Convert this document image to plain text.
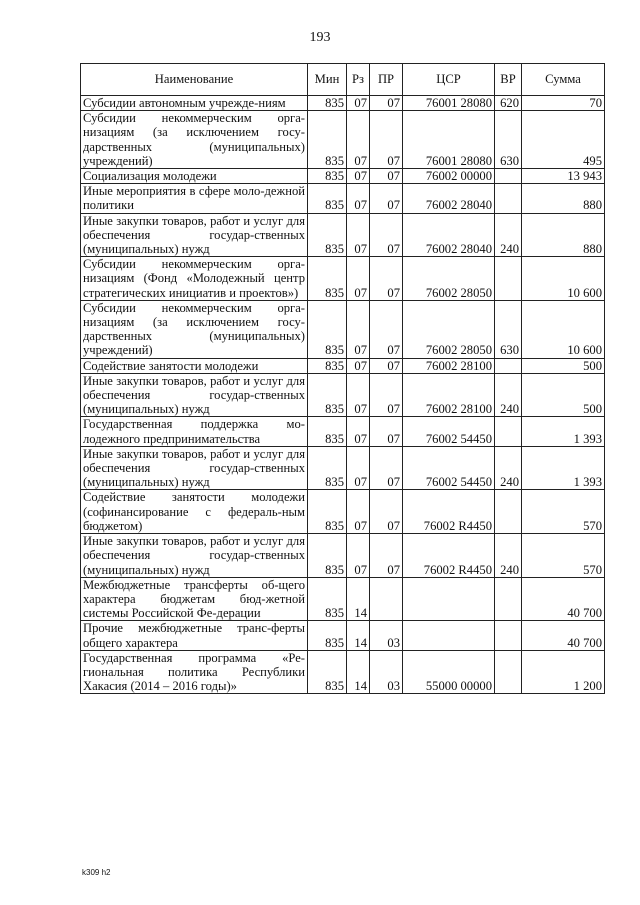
193
Наименование	Мин	Рз	ПР	ЦСР	ВР	Сумма
Субсидии автономным учрежде-ниям	835	07	07	76001 28080	620	70
Субсидии некоммерческим орга-низациям (за исключением госу-дарственных (муниципальных) учреждений)	835	07	07	76001 28080	630	495
Социализация молодежи	835	07	07	76002 00000		13 943
Иные мероприятия в сфере моло-дежной политики	835	07	07	76002 28040		880
Иные закупки товаров, работ и услуг для обеспечения государ-ственных (муниципальных) нужд	835	07	07	76002 28040	240	880
Субсидии некоммерческим орга-низациям (Фонд «Молодежный центр стратегических инициатив и проектов»)	835	07	07	76002 28050		10 600
Субсидии некоммерческим орга-низациям (за исключением госу-дарственных (муниципальных) учреждений)	835	07	07	76002 28050	630	10 600
Содействие занятости молодежи	835	07	07	76002 28100		500
Иные закупки товаров, работ и услуг для обеспечения государ-ственных (муниципальных) нужд	835	07	07	76002 28100	240	500
Государственная поддержка мо-лодежного предпринимательства	835	07	07	76002 54450		1 393
Иные закупки товаров, работ и услуг для обеспечения государ-ственных (муниципальных) нужд	835	07	07	76002 54450	240	1 393
Содействие занятости молодежи (софинансирование с федераль-ным бюджетом)	835	07	07	76002 R4450		570
Иные закупки товаров, работ и услуг для обеспечения государ-ственных (муниципальных) нужд	835	07	07	76002 R4450	240	570
Межбюджетные трансферты об-щего характера бюджетам бюд-жетной системы Российской Фе-дерации	835	14				40 700
Прочие межбюджетные транс-ферты общего характера	835	14	03			40 700
Государственная программа «Ре-гиональная политика Республики Хакасия (2014 – 2016 годы)»	835	14	03	55000 00000		1 200
k309 h2
